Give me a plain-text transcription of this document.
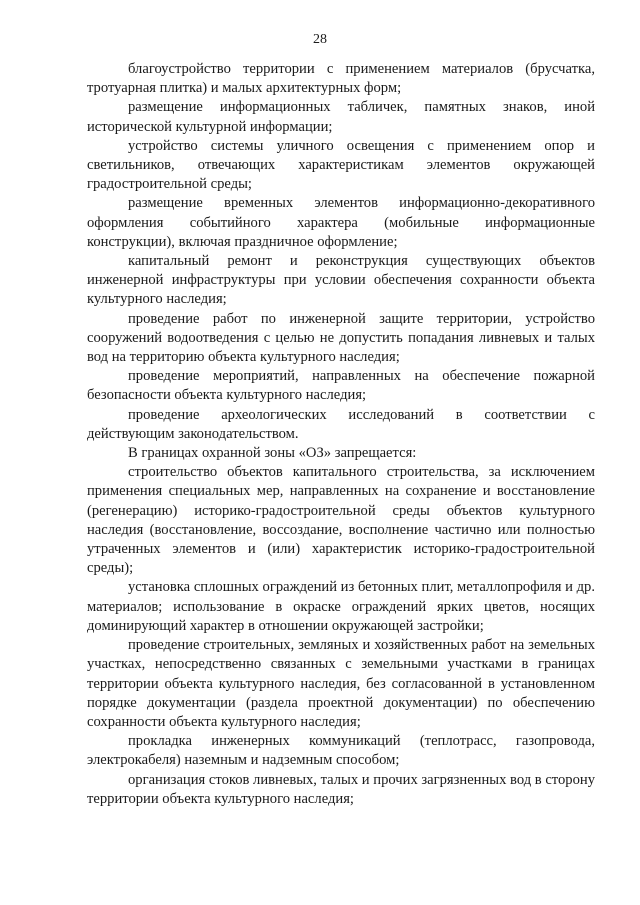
28

благоустройство территории с применением материалов (брусчатка, тротуарная плитка) и малых архитектурных форм;

размещение информационных табличек, памятных знаков, иной исторической культурной информации;

устройство системы уличного освещения с применением опор и светильников, отвечающих характеристикам элементов окружающей градостроительной среды;

размещение временных элементов информационно-декоративного оформления событийного характера (мобильные информационные конструкции), включая праздничное оформление;

капитальный ремонт и реконструкция существующих объектов инженерной инфраструктуры при условии обеспечения сохранности объекта культурного наследия;

проведение работ по инженерной защите территории, устройство сооружений водоотведения с целью не допустить попадания ливневых и талых вод на территорию объекта культурного наследия;

проведение мероприятий, направленных на обеспечение пожарной безопасности объекта культурного наследия;

проведение археологических исследований в соответствии с действующим законодательством.

В границах охранной зоны «ОЗ» запрещается:

строительство объектов капитального строительства, за исключением применения специальных мер, направленных на сохранение и восстановление (регенерацию) историко-градостроительной среды объектов культурного наследия (восстановление, воссоздание, восполнение частично или полностью утраченных элементов и (или) характеристик историко-градостроительной среды);

установка сплошных ограждений из бетонных плит, металлопрофиля и др. материалов; использование в окраске ограждений ярких цветов, носящих доминирующий характер в отношении окружающей застройки;

проведение строительных, земляных и хозяйственных работ на земельных участках, непосредственно связанных с земельными участками в границах территории объекта культурного наследия, без согласованной в установленном порядке документации (раздела проектной документации) по обеспечению сохранности объекта культурного наследия;

прокладка инженерных коммуникаций (теплотрасс, газопровода, электрокабеля) наземным и надземным способом;

организация стоков ливневых, талых и прочих загрязненных вод в сторону территории объекта культурного наследия;
